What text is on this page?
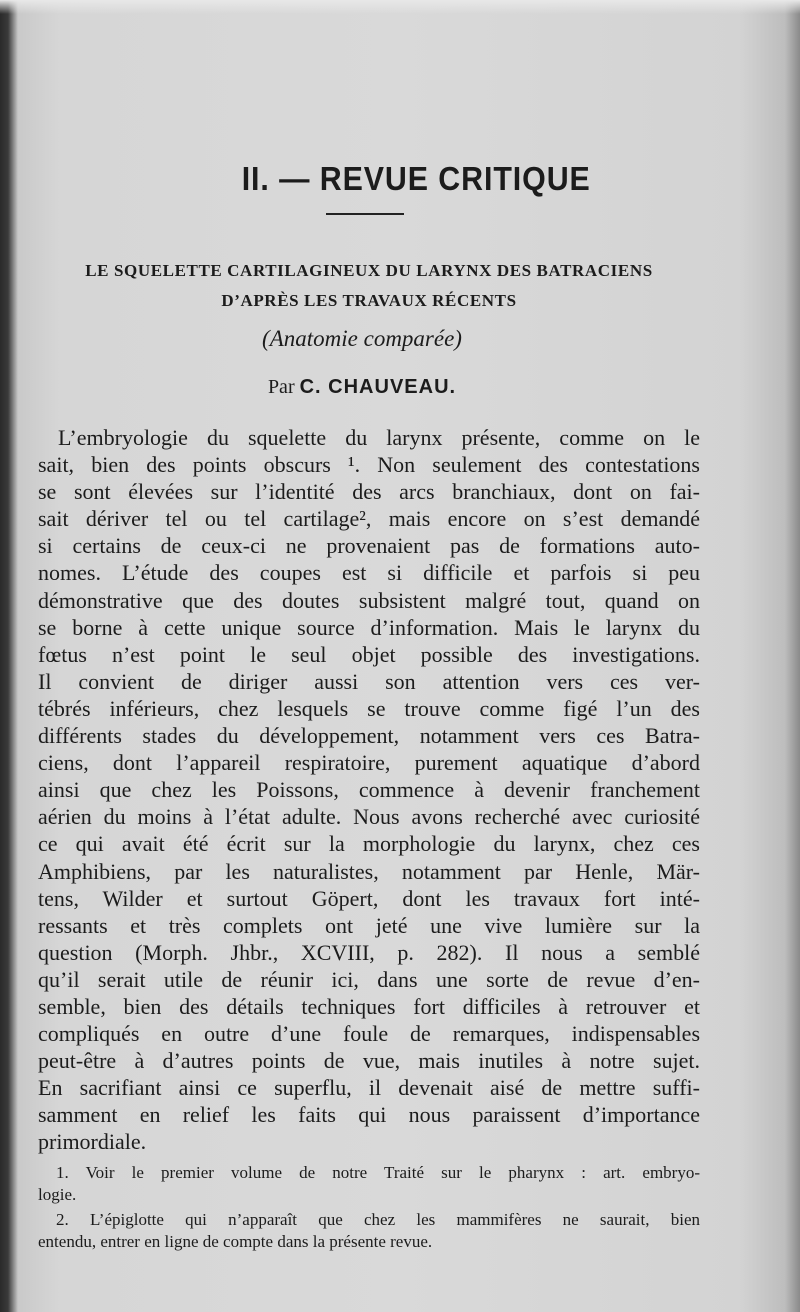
II. — REVUE CRITIQUE
LE SQUELETTE CARTILAGINEUX DU LARYNX DES BATRACIENS
D’APRÈS LES TRAVAUX RÉCENTS
(Anatomie comparée)
Par C. CHAUVEAU.
L’embryologie du squelette du larynx présente, comme on le
sait, bien des points obscurs ¹. Non seulement des contestations
se sont élevées sur l’identité des arcs branchiaux, dont on fai-
sait dériver tel ou tel cartilage², mais encore on s’est demandé
si certains de ceux-ci ne provenaient pas de formations auto-
nomes. L’étude des coupes est si difficile et parfois si peu
démonstrative que des doutes subsistent malgré tout, quand on
se borne à cette unique source d’information. Mais le larynx du
fœtus n’est point le seul objet possible des investigations.
Il convient de diriger aussi son attention vers ces ver-
tébrés inférieurs, chez lesquels se trouve comme figé l’un des
différents stades du développement, notamment vers ces Batra-
ciens, dont l’appareil respiratoire, purement aquatique d’abord
ainsi que chez les Poissons, commence à devenir franchement
aérien du moins à l’état adulte. Nous avons recherché avec curiosité
ce qui avait été écrit sur la morphologie du larynx, chez ces
Amphibiens, par les naturalistes, notamment par Henle, Mär-
tens, Wilder et surtout Göpert, dont les travaux fort inté-
ressants et très complets ont jeté une vive lumière sur la
question (Morph. Jhbr., XCVIII, p. 282). Il nous a semblé
qu’il serait utile de réunir ici, dans une sorte de revue d’en-
semble, bien des détails techniques fort difficiles à retrouver et
compliqués en outre d’une foule de remarques, indispensables
peut-être à d’autres points de vue, mais inutiles à notre sujet.
En sacrifiant ainsi ce superflu, il devenait aisé de mettre suffi-
samment en relief les faits qui nous paraissent d’importance
primordiale.
1. Voir le premier volume de notre Traité sur le pharynx : art. embryo-
logie.
2. L’épiglotte qui n’apparaît que chez les mammifères ne saurait, bien
entendu, entrer en ligne de compte dans la présente revue.
